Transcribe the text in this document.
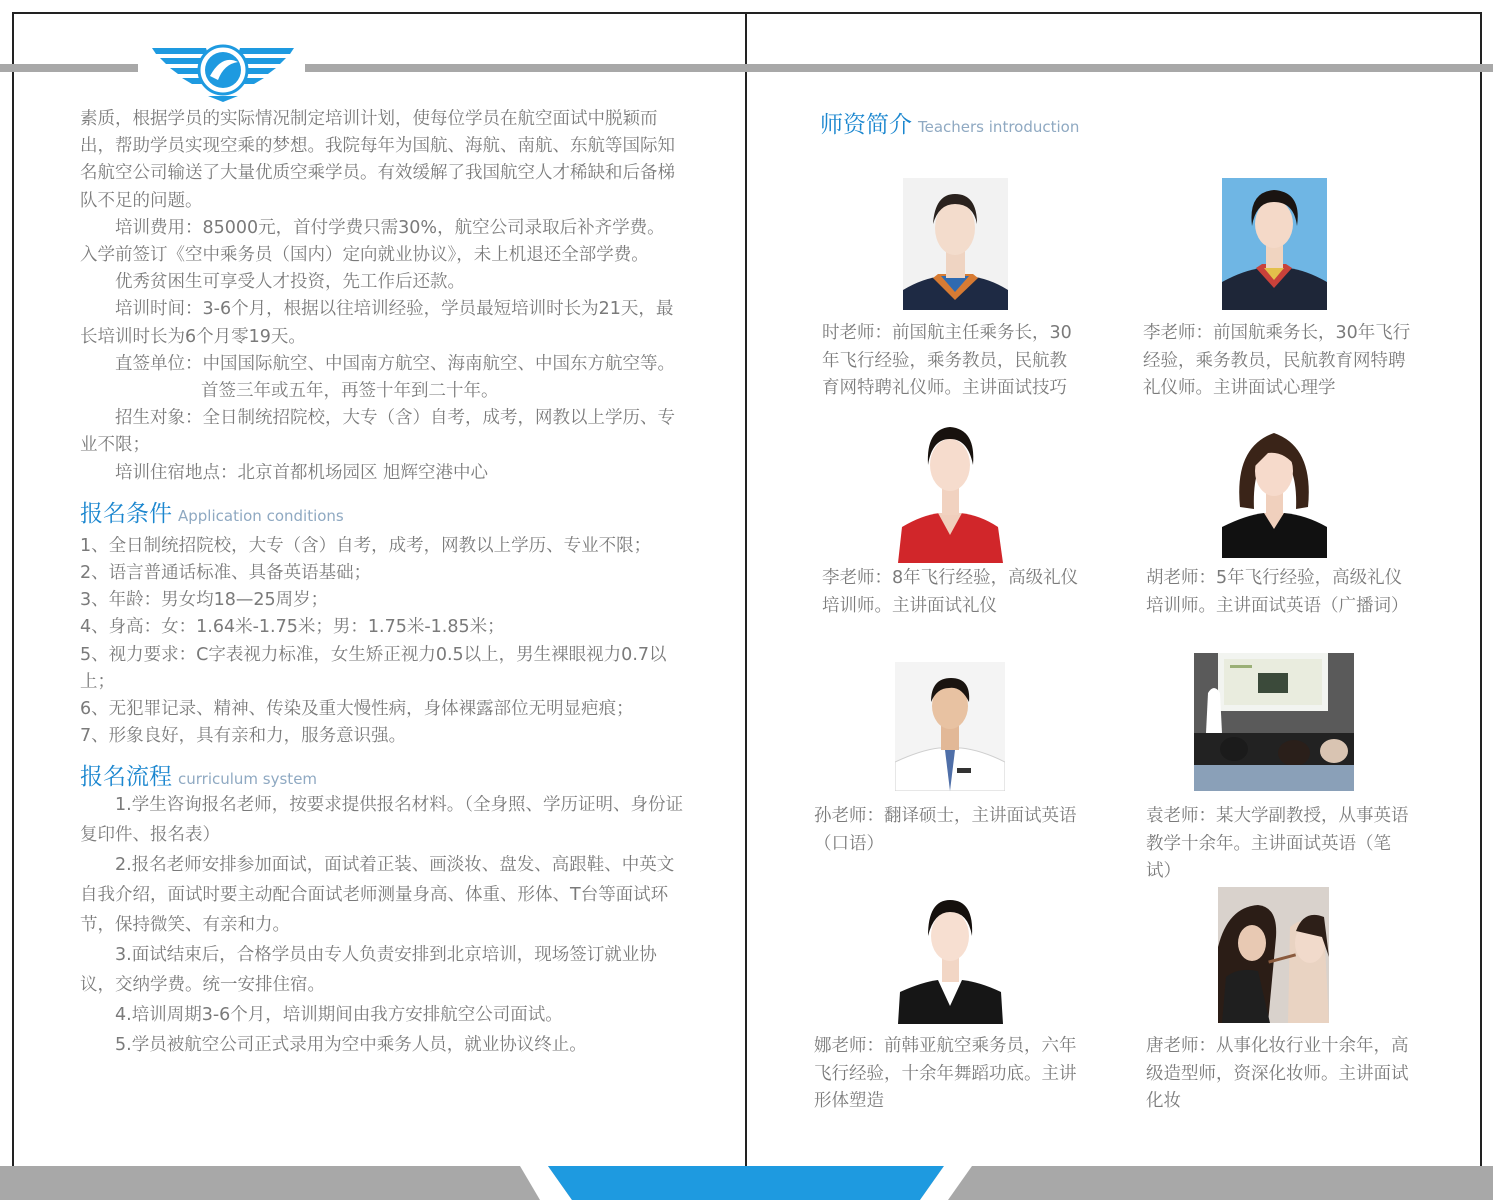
素质，根据学员的实际情况制定培训计划，使每位学员在航空面试中脱颖而出，帮助学员实现空乘的梦想。我院每年为国航、海航、南航、东航等国际知名航空公司输送了大量优质空乘学员。有效缓解了我国航空人才稀缺和后备梯队不足的问题。

培训费用：85000元，首付学费只需30%，航空公司录取后补齐学费。

入学前签订《空中乘务员（国内）定向就业协议》，未上机退还全部学费。

优秀贫困生可享受人才投资，先工作后还款。

培训时间：3-6个月，根据以往培训经验，学员最短培训时长为21天，最长培训时长为6个月零19天。

直签单位：中国国际航空、中国南方航空、海南航空、中国东方航空等。

首签三年或五年，再签十年到二十年。

招生对象：全日制统招院校，大专（含）自考，成考，网教以上学历、专业不限；

培训住宿地点：北京首都机场园区 旭辉空港中心

报名条件 Application conditions

1、全日制统招院校，大专（含）自考，成考，网教以上学历、专业不限；

2、语言普通话标准、具备英语基础；

3、年龄：男女均18—25周岁；

4、身高：女：1.64米-1.75米；男：1.75米-1.85米；

5、视力要求：C字表视力标准，女生矫正视力0.5以上，男生裸眼视力0.7以上；

6、无犯罪记录、精神、传染及重大慢性病，身体裸露部位无明显疤痕；

7、形象良好，具有亲和力，服务意识强。

报名流程 curriculum system

1.学生咨询报名老师，按要求提供报名材料。（全身照、学历证明、身份证复印件、报名表）

2.报名老师安排参加面试，面试着正装、画淡妆、盘发、高跟鞋、中英文自我介绍，面试时要主动配合面试老师测量身高、体重、形体、T台等面试环节，保持微笑、有亲和力。

3.面试结束后，合格学员由专人负责安排到北京培训，现场签订就业协议，交纳学费。统一安排住宿。

4.培训周期3-6个月，培训期间由我方安排航空公司面试。

5.学员被航空公司正式录用为空中乘务人员，就业协议终止。

师资简介 Teachers introduction
时老师：前国航主任乘务长，30年飞行经验，乘务教员，民航教育网特聘礼仪师。主讲面试技巧
李老师：前国航乘务长，30年飞行经验，乘务教员，民航教育网特聘礼仪师。主讲面试心理学
李老师：8年飞行经验，高级礼仪培训师。主讲面试礼仪
胡老师：5年飞行经验，高级礼仪培训师。主讲面试英语（广播词）
孙老师：翻译硕士，主讲面试英语（口语）
袁老师：某大学副教授，从事英语教学十余年。主讲面试英语（笔试）
娜老师：前韩亚航空乘务员，六年飞行经验，十余年舞蹈功底。主讲形体塑造
唐老师：从事化妆行业十余年，高级造型师，资深化妆师。主讲面试化妆
